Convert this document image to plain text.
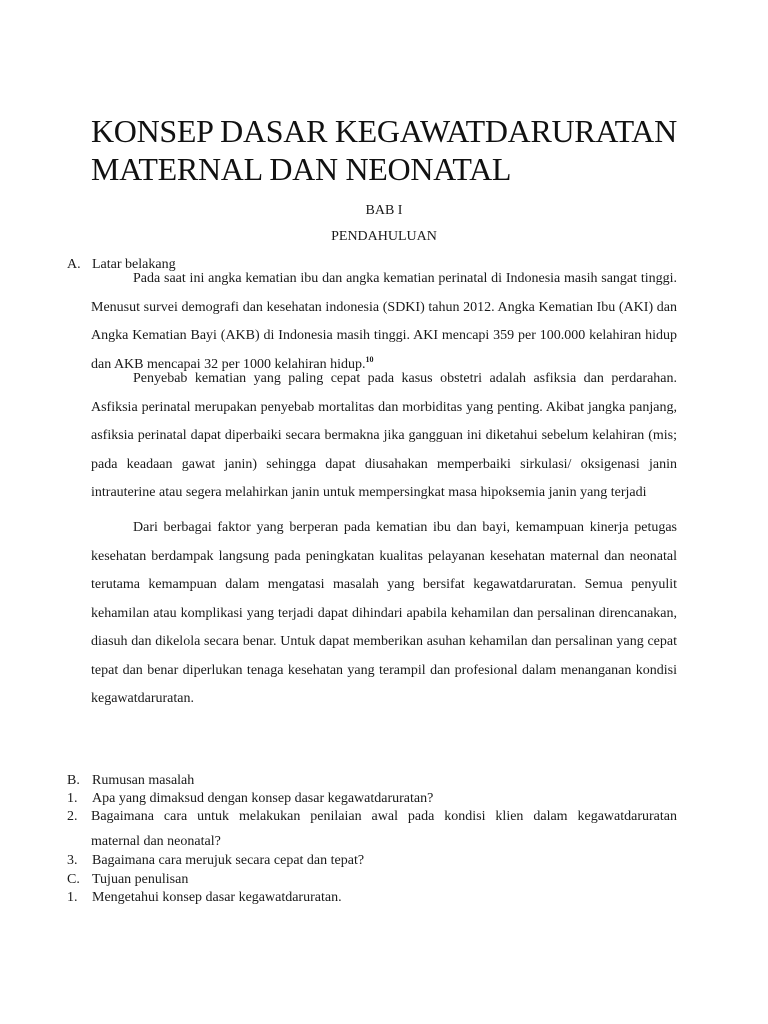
KONSEP DASAR KEGAWATDARURATAN
MATERNAL DAN NEONATAL
BAB I
PENDAHULUAN
A. Latar belakang

Pada saat ini angka kematian ibu dan angka kematian perinatal di Indonesia masih sangat tinggi. Menusut survei demografi dan kesehatan indonesia (SDKI) tahun 2012. Angka Kematian Ibu (AKI) dan Angka Kematian Bayi (AKB) di Indonesia masih tinggi. AKI mencapi 359 per 100.000 kelahiran hidup dan AKB mencapai 32 per 1000 kelahiran hidup.$^{10}$

Penyebab kematian yang paling cepat pada kasus obstetri adalah asfiksia dan perdarahan. Asfiksia perinatal merupakan penyebab mortalitas dan morbiditas yang penting. Akibat jangka panjang, asfiksia perinatal dapat diperbaiki secara bermakna jika gangguan ini diketahui sebelum kelahiran (mis; pada keadaan gawat janin) sehingga dapat diusahakan memperbaiki sirkulasi/ oksigenasi janin intrauterine atau segera melahirkan janin untuk mempersingkat masa hipoksemia janin yang terjadi

Dari berbagai faktor yang berperan pada kematian ibu dan bayi, kemampuan kinerja petugas kesehatan berdampak langsung pada peningkatan kualitas pelayanan kesehatan maternal dan neonatal terutama kemampuan dalam mengatasi masalah yang bersifat kegawatdaruratan. Semua penyulit kehamilan atau komplikasi yang terjadi dapat dihindari apabila kehamilan dan persalinan direncanakan, diasuh dan dikelola secara benar. Untuk dapat memberikan asuhan kehamilan dan persalinan yang cepat tepat dan benar diperlukan tenaga kesehatan yang terampil dan profesional dalam menanganan kondisi kegawatdaruratan.

B. Rumusan masalah
1. Apa yang dimaksud dengan konsep dasar kegawatdaruratan?
2. Bagaimana cara untuk melakukan penilaian awal pada kondisi klien dalam kegawatdaruratan
maternal dan neonatal?
3. Bagaimana cara merujuk secara cepat dan tepat?
C. Tujuan penulisan
1. Mengetahui konsep dasar kegawatdaruratan.
